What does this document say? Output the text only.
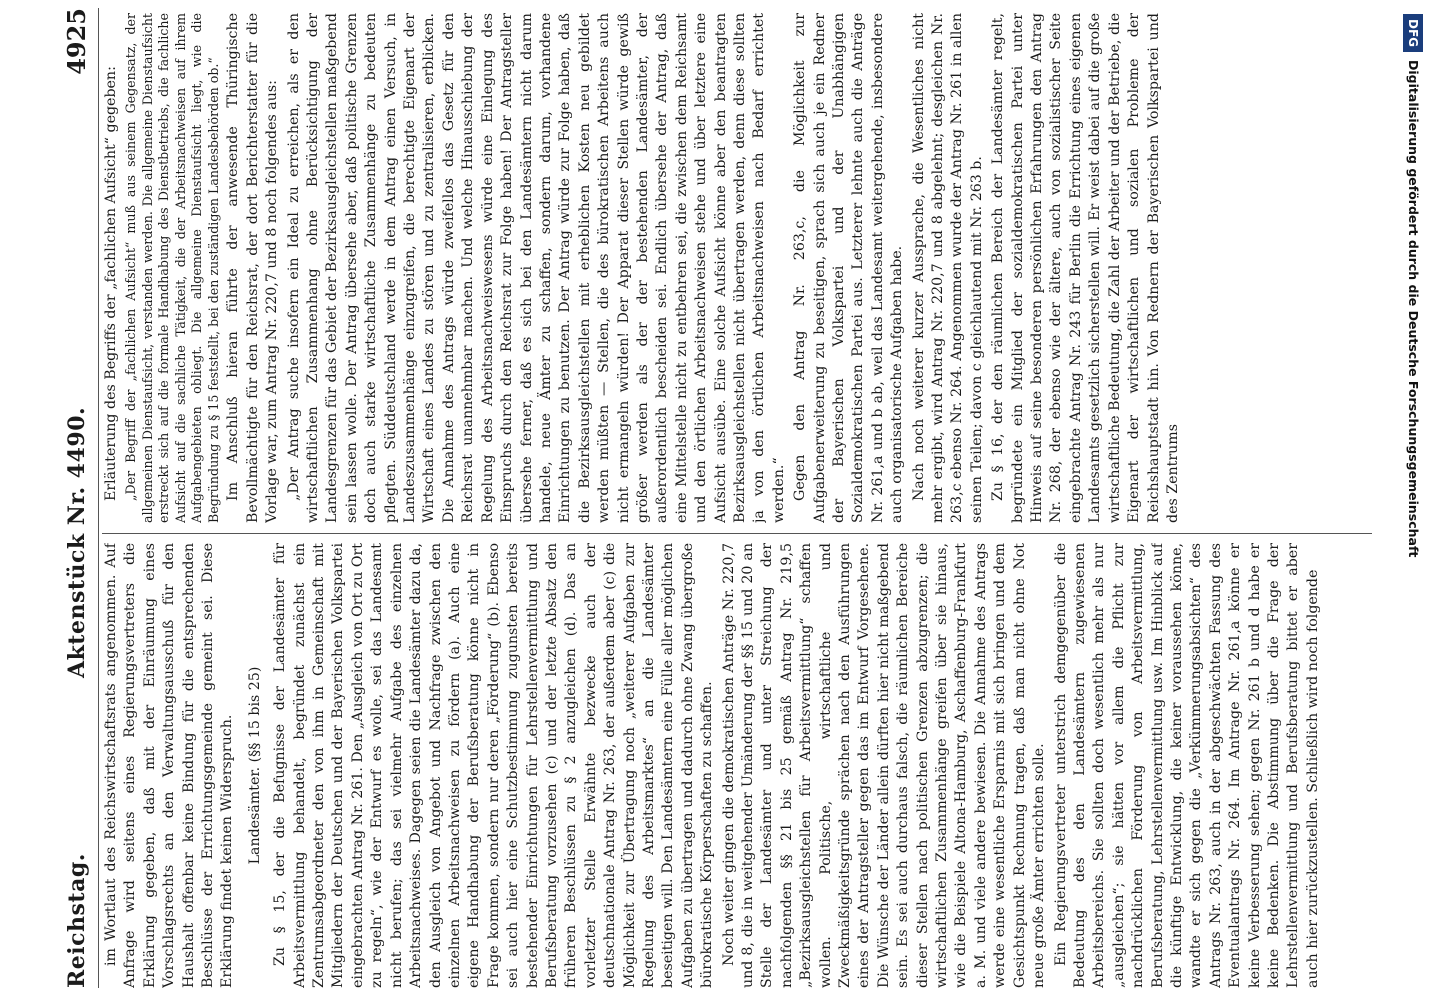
Reichstag.
Aktenstück Nr. 4490.
4925

im Wortlaut des Reichswirtschaftsrats angenommen. Auf Anfrage wird seitens eines Regierungsvertreters die Erklärung gegeben, daß mit der Einräumung eines Vorschlagsrechts an den Verwaltungsausschuß für den Haushalt offenbar keine Bindung für die entsprechenden Beschlüsse der Errichtungsgemeinde gemeint sei. Diese Erklärung findet keinen Widerspruch. Landesämter. (§§ 15 bis 25) Zu § 15, der die Befugnisse der Landesämter für Arbeitsvermittlung behandelt, begründet zunächst ein Zentrumsabgeordneter den von ihm in Gemeinschaft mit Mitgliedern der Deutschen und der Bayerischen Volkspartei eingebrachten Antrag Nr. 261. Den „Ausgleich von Ort zu Ort zu regeln“, wie der Entwurf es wolle, sei das Landesamt nicht berufen; das sei vielmehr Aufgabe des einzelnen Arbeitsnachweises. Dagegen seien die Landesämter dazu da, den Ausgleich von Angebot und Nachfrage zwischen den einzelnen Arbeitsnachweisen zu fördern (a). Auch eine eigene Handhabung der Berufsberatung könne nicht in Frage kommen, sondern nur deren „Förderung“ (b). Ebenso sei auch hier eine Schutzbestimmung zugunsten bereits bestehender Einrichtungen für Lehrstellenvermittlung und Berufsberatung vorzusehen (c) und der letzte Absatz den früheren Beschlüssen zu § 2 anzugleichen (d). Das an vorletzter Stelle Erwähnte bezwecke auch der deutschnationale Antrag Nr. 263, der außerdem aber (c) die Möglichkeit zur Übertragung noch „weiterer Aufgaben zur Regelung des Arbeitsmarktes“ an die Landesämter beseitigen will. Den Landesämtern eine Fülle aller möglichen Aufgaben zu übertragen und dadurch ohne Zwang übergroße bürokratische Körperschaften zu schaffen. Noch weiter gingen die demokratischen Anträge Nr. 220,7 und 8, die in weitgehender Umänderung der §§ 15 und 20 an Stelle der Landesämter und unter Streichung der nachfolgenden §§ 21 bis 25 gemäß Antrag Nr. 219,5 „Bezirksausgleichstellen für Arbeitsvermittlung“ schaffen wollen. Politische, wirtschaftliche und Zweckmäßigkeitsgründe sprächen nach den Ausführungen eines der Antragsteller gegen das im Entwurf Vorgesehene. Die Wünsche der Länder allein dürften hier nicht maßgebend sein. Es sei auch durchaus falsch, die räumlichen Bereiche dieser Stellen nach politischen Grenzen abzugrenzen; die wirtschaftlichen Zusammenhänge greifen über sie hinaus, wie die Beispiele Altona-Hamburg, Aschaffenburg-Frankfurt a. M. und viele andere bewiesen. Die Annahme des Antrags werde eine wesentliche Ersparnis mit sich bringen und dem Gesichtspunkt Rechnung tragen, daß man nicht ohne Not neue große Ämter errichten solle. Ein Regierungsvertreter unterstrich demgegenüber die Bedeutung des den Landesämtern zugewiesenen Arbeitsbereichs. Sie sollten doch wesentlich mehr als nur „ausgleichen“; sie hätten vor allem die Pflicht zur nachdrücklichen Förderung von Arbeitsvermittlung, Berufsberatung, Lehrstellenvermittlung usw. Im Hinblick auf die künftige Entwicklung, die keiner voraussehen könne, wandte er sich gegen die „Verkümmerungsabsichten“ des Antrags Nr. 263, auch in der abgeschwächten Fassung des Eventualantrags Nr. 264. Im Antrage Nr. 261,a könne er keine Verbesserung sehen; gegen Nr. 261 b und d habe er keine Bedenken. Die Abstimmung über die Frage der Lehrstellenvermittlung und Berufsberatung bittet er aber auch hier zurückzustellen. Schließlich wird noch folgende

Erläuterung des Begriffs der „fachlichen Aufsicht“ gegeben: „Der Begriff der „fachlichen Aufsicht“ muß aus seinem Gegensatz, der allgemeinen Dienstaufsicht, verstanden werden. Die allgemeine Dienstaufsicht erstreckt sich auf die formale Handhabung des Dienstbetriebs, die fachliche Aufsicht auf die sachliche Tätigkeit, die der Arbeitsnachweisen auf ihrem Aufgabengebieten obliegt. Die allgemeine Dienstaufsicht liegt, wie die Begründung zu § 15 feststellt, bei den zuständigen Landesbehörden ob.“ Im Anschluß hieran führte der anwesende Thüringische Bevollmächtigte für den Reichsrat, der dort Berichterstatter für die Vorlage war, zum Antrag Nr. 220,7 und 8 noch folgendes aus: „Der Antrag suche insofern ein Ideal zu erreichen, als er den wirtschaftlichen Zusammenhang ohne Berücksichtigung der Landesgrenzen für das Gebiet der Bezirksausgleichstellen maßgebend sein lassen wolle. Der Antrag übersehe aber, daß politische Grenzen doch auch starke wirtschaftliche Zusammenhänge zu bedeuten pflegten. Süddeutschland werde in dem Antrag einen Versuch, in Landeszusammenhänge einzugreifen, die berechtigte Eigenart der Wirtschaft eines Landes zu stören und zu zentralisieren, erblicken. Die Annahme des Antrags würde zweifellos das Gesetz für den Reichsrat unannehmbar machen. Und welche Hinausschiebung der Regelung des Arbeitsnachweiswesens würde eine Einlegung des Einspruchs durch den Reichsrat zur Folge haben! Der Antragsteller übersehe ferner, daß es sich bei den Landesämtern nicht darum handele, neue Ämter zu schaffen, sondern darum, vorhandene Einrichtungen zu benutzen. Der Antrag würde zur Folge haben, daß die Bezirksausgleichstellen mit erheblichen Kosten neu gebildet werden müßten — Stellen, die des bürokratischen Arbeitens auch nicht ermangeln würden! Der Apparat dieser Stellen würde gewiß größer werden als der der bestehenden Landesämter, der außerordentlich bescheiden sei. Endlich übersehe der Antrag, daß eine Mittelstelle nicht zu entbehren sei, die zwischen dem Reichsamt und den örtlichen Arbeitsnachweisen stehe und über letztere eine Aufsicht ausübe. Eine solche Aufsicht könne aber den beantragten Bezirksausgleichstellen nicht übertragen werden, denn diese sollten ja von den örtlichen Arbeitsnachweisen nach Bedarf errichtet werden.“ Gegen den Antrag Nr. 263,c, die Möglichkeit zur Aufgabenerweiterung zu beseitigen, sprach sich auch je ein Redner der Bayerischen Volkspartei und der Unabhängigen Sozialdemokratischen Partei aus. Letzterer lehnte auch die Anträge Nr. 261,a und b ab, weil das Landesamt weitergehende, insbesondere auch organisatorische Aufgaben habe. Nach noch weiterer kurzer Aussprache, die Wesentliches nicht mehr ergibt, wird Antrag Nr. 220,7 und 8 abgelehnt; desgleichen Nr. 263,c ebenso Nr. 264. Angenommen wurde der Antrag Nr. 261 in allen seinen Teilen; davon c gleichlautend mit Nr. 263 b. Zu § 16, der den räumlichen Bereich der Landesämter regelt, begründete ein Mitglied der sozialdemokratischen Partei unter Hinweis auf seine besonderen persönlichen Erfahrungen den Antrag Nr. 268, der ebenso wie der ältere, auch von sozialistischer Seite eingebrachte Antrag Nr. 243 für Berlin die Errichtung eines eigenen Landesamts gesetzlich sicherstellen will. Er weist dabei auf die große wirtschaftliche Bedeutung, die Zahl der Arbeiter und der Betriebe, die Eigenart der wirtschaftlichen und sozialen Probleme der Reichshauptstadt hin. Von Rednern der Bayerischen Volkspartei und des Zentrums

DFGDigitalisierung gefördert durch die Deutsche Forschungsgemeinschaft
